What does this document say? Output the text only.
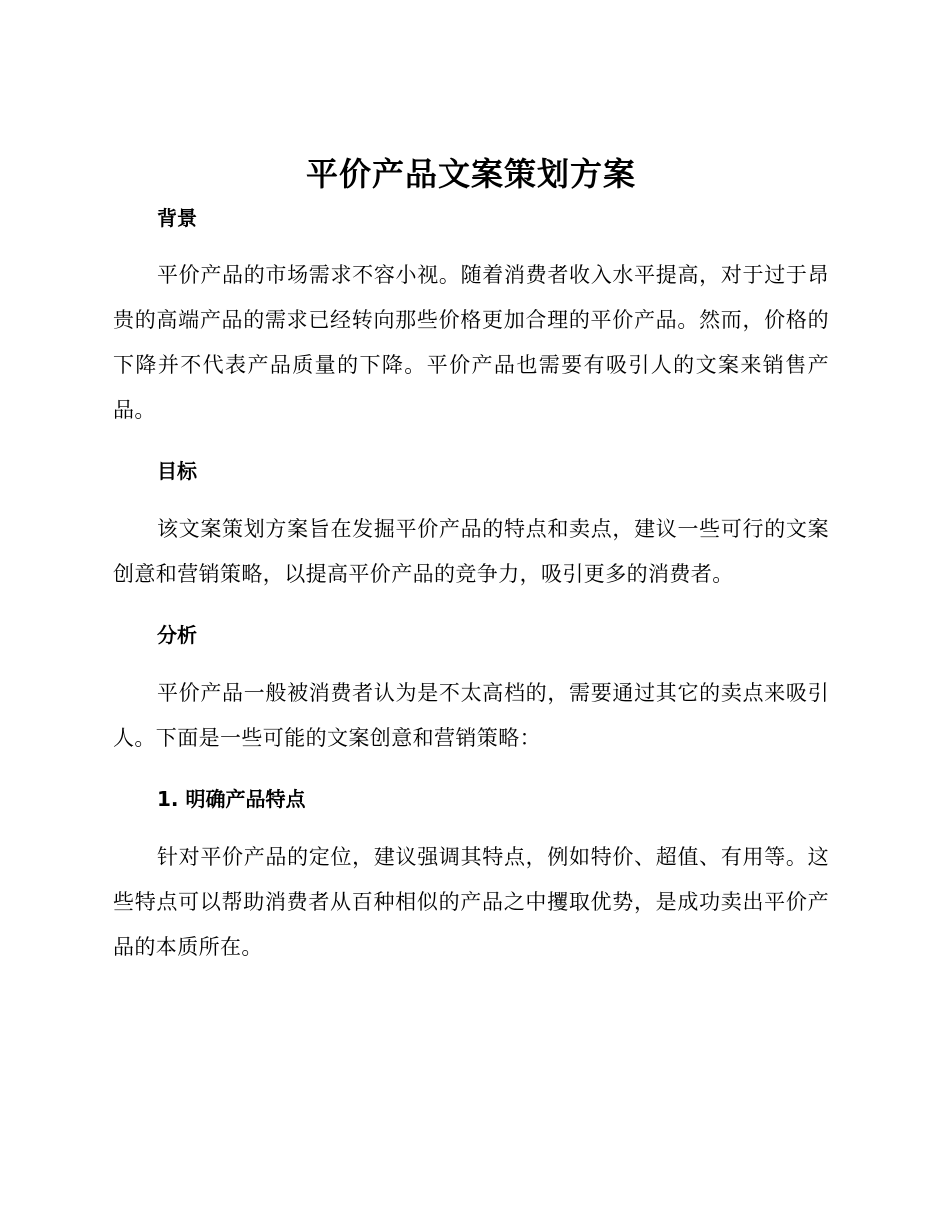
平价产品文案策划方案
背景

平价产品的市场需求不容小视。随着消费者收入水平提高，对于过于昂贵的高端产品的需求已经转向那些价格更加合理的平价产品。然而，价格的下降并不代表产品质量的下降。平价产品也需要有吸引人的文案来销售产品。

目标

该文案策划方案旨在发掘平价产品的特点和卖点，建议一些可行的文案创意和营销策略，以提高平价产品的竞争力，吸引更多的消费者。

分析

平价产品一般被消费者认为是不太高档的，需要通过其它的卖点来吸引人。下面是一些可能的文案创意和营销策略：

1. 明确产品特点

针对平价产品的定位，建议强调其特点，例如特价、超值、有用等。这些特点可以帮助消费者从百种相似的产品之中攫取优势，是成功卖出平价产品的本质所在。
